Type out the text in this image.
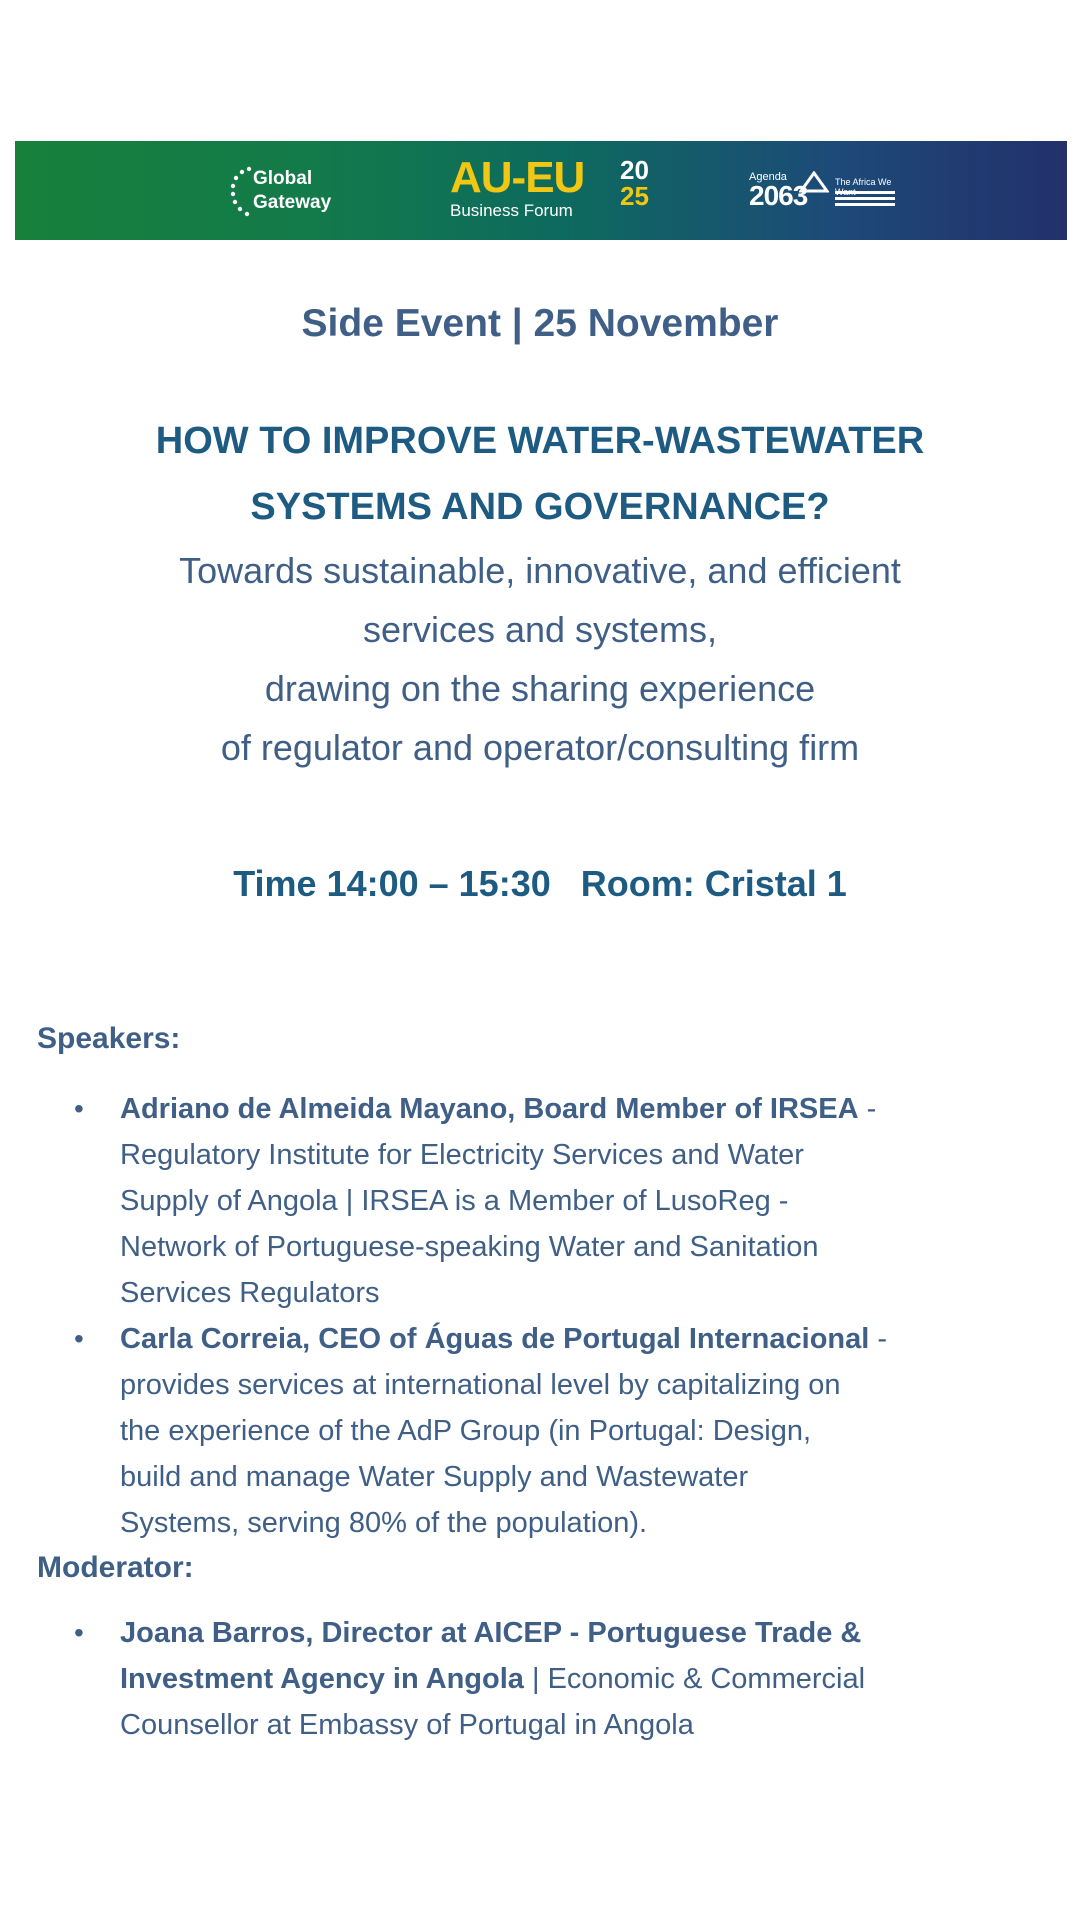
Global
Gateway
AU-EU 20
25
Business Forum
Agenda
2063	The Africa We
Side Event | 25 November
HOW TO IMPROVE WATER-WASTEWATER
SYSTEMS AND GOVERNANCE?
Towards sustainable, innovative, and efficient
services and systems,
drawing on the sharing experience
of regulator and operator/consulting firm
Time 14:00 – 15:30   Room: Cristal 1
Speakers:
• Adriano de Almeida Mayano, Board Member of IRSEA -
Regulatory Institute for Electricity Services and Water
Supply of Angola | IRSEA is a Member of LusoReg -
Network of Portuguese-speaking Water and Sanitation
Services Regulators
• Carla Correia, CEO of Águas de Portugal Internacional -
provides services at international level by capitalizing on
the experience of the AdP Group (in Portugal: Design,
build and manage Water Supply and Wastewater
Systems, serving 80% of the population).
Moderator:
• Joana Barros, Director at AICEP - Portuguese Trade &
Investment Agency in Angola | Economic & Commercial
Counsellor at Embassy of Portugal in Angola
